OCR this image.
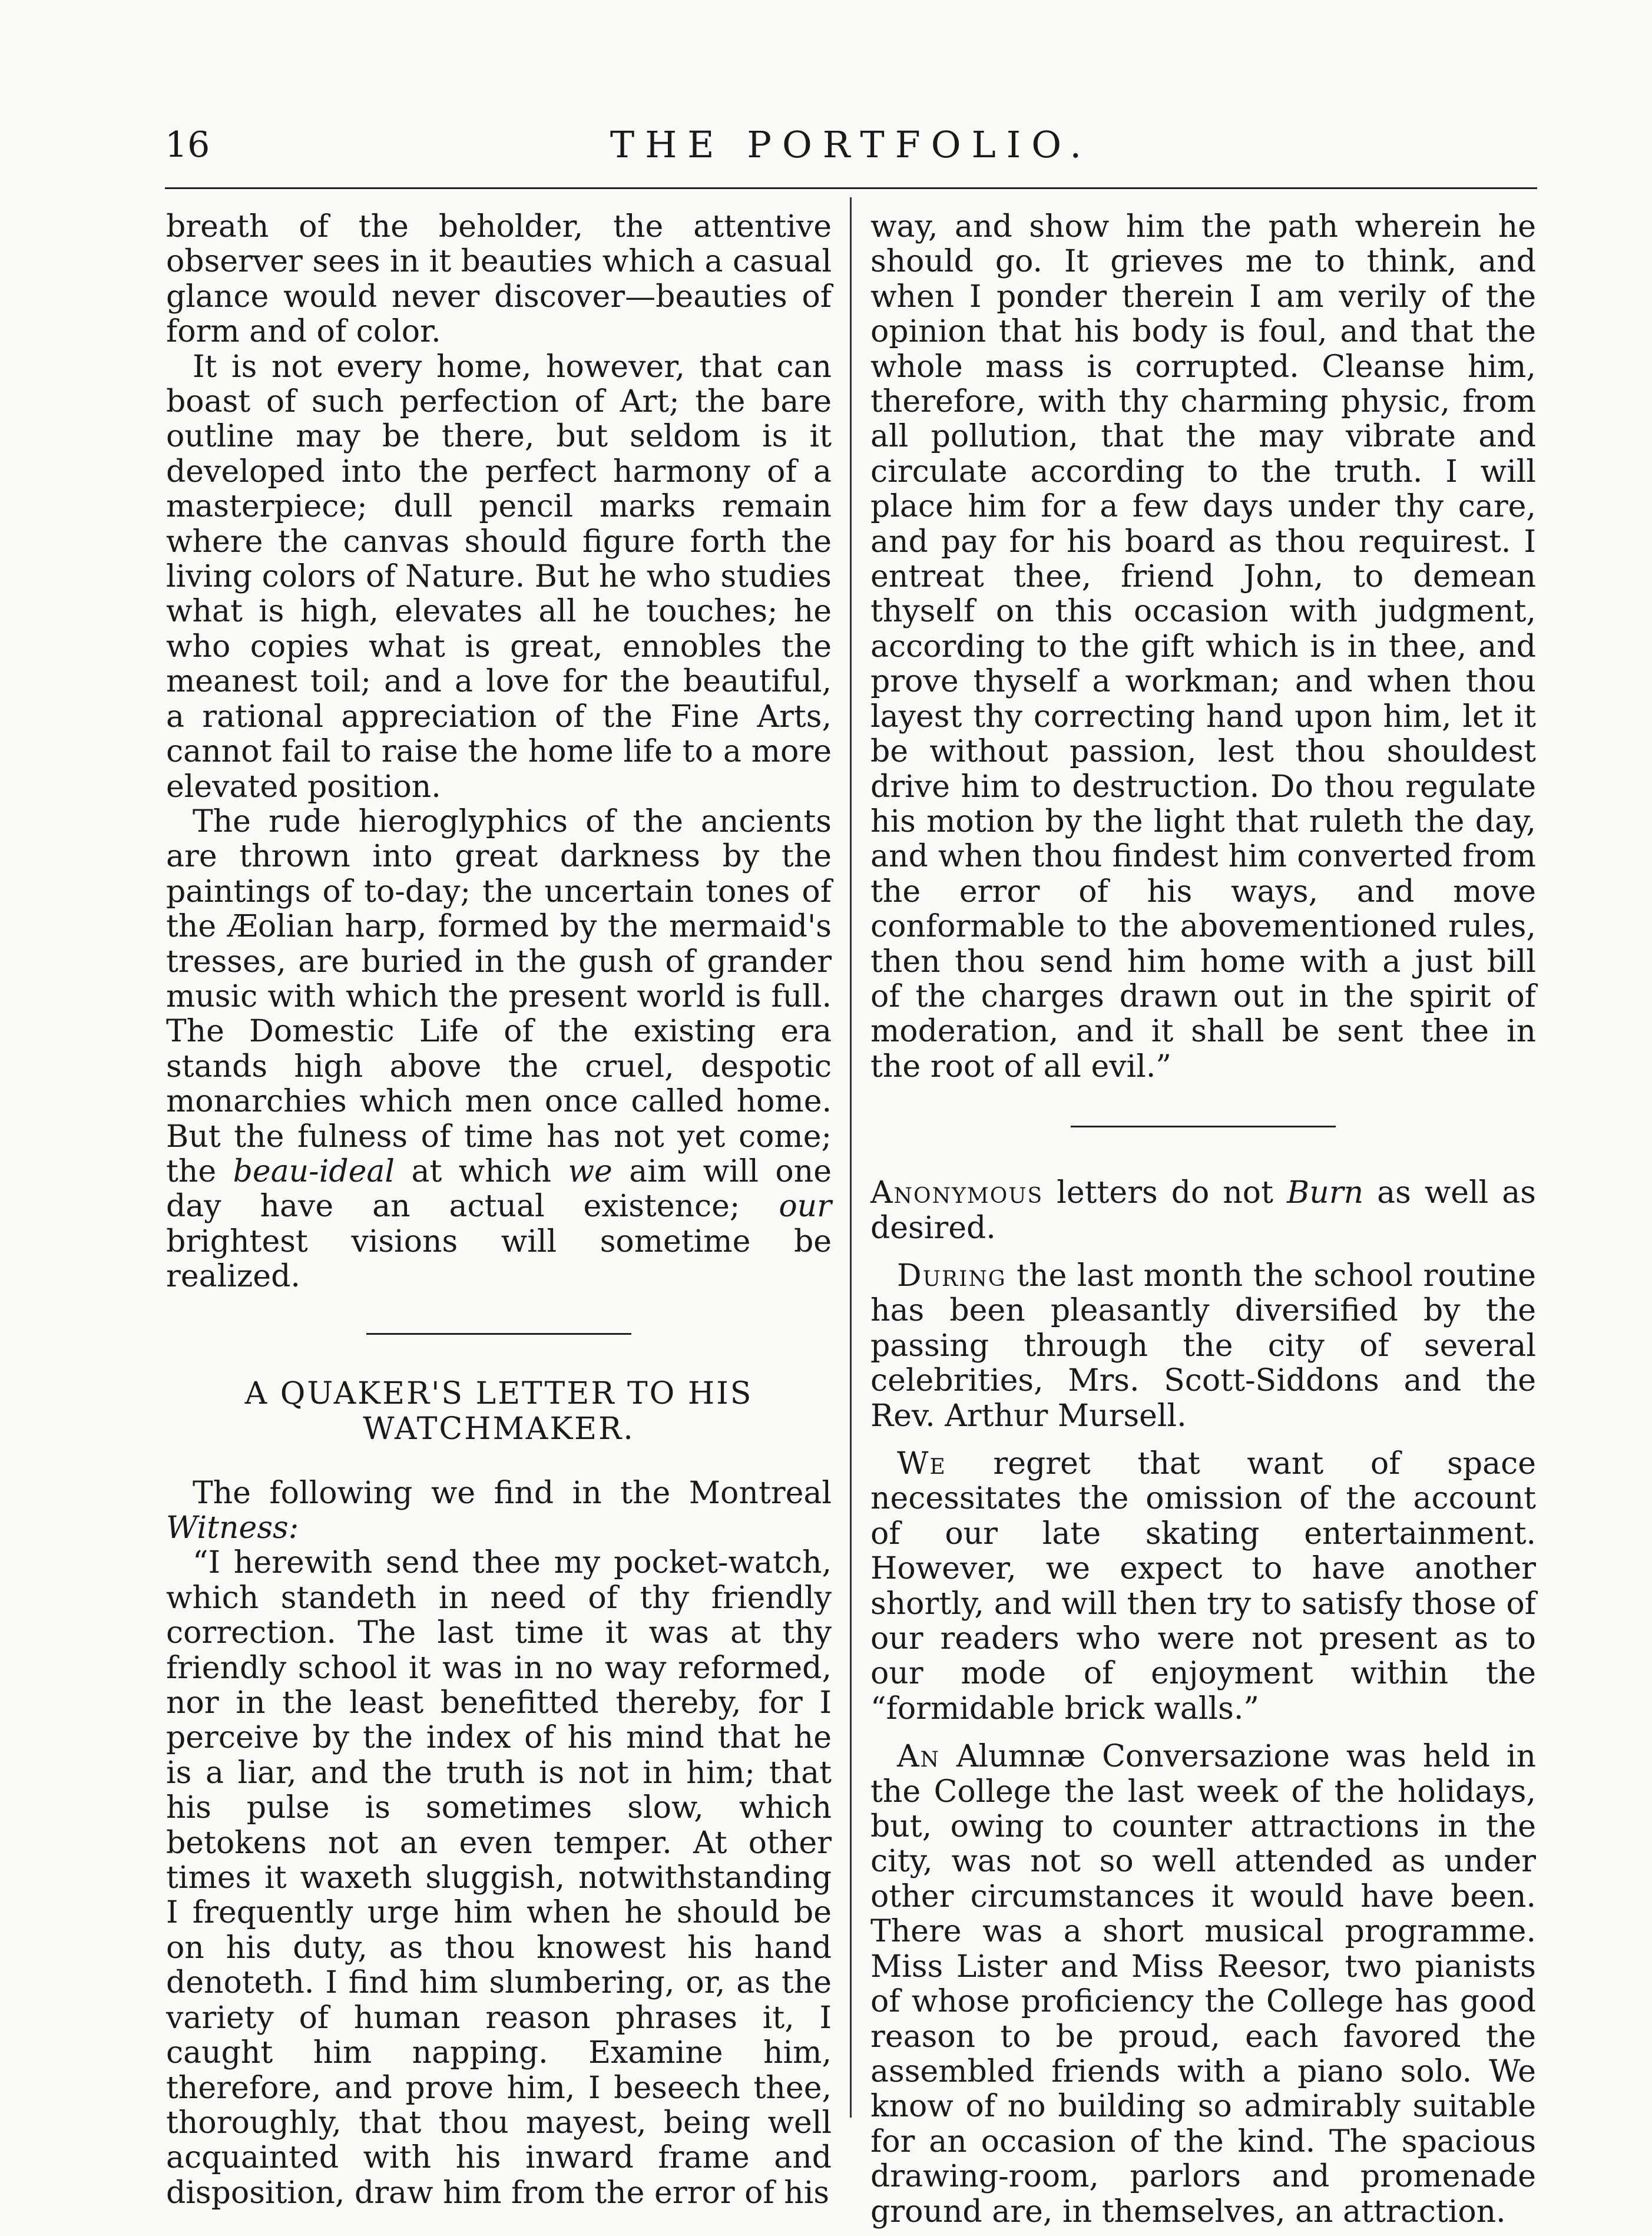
16	THE PORTFOLIO.

breath of the beholder, the attentive observer sees in it beauties which a casual glance would never discover—beauties of form and of color.

It is not every home, however, that can boast of such perfection of Art; the bare outline may be there, but seldom is it developed into the perfect harmony of a masterpiece; dull pencil marks remain where the canvas should figure forth the living colors of Nature. But he who studies what is high, elevates all he touches; he who copies what is great, ennobles the meanest toil; and a love for the beautiful, a rational appreciation of the Fine Arts, cannot fail to raise the home life to a more elevated position.

The rude hieroglyphics of the ancients are thrown into great darkness by the paintings of to-day; the uncertain tones of the Æolian harp, formed by the mermaid's tresses, are buried in the gush of grander music with which the present world is full. The Domestic Life of the existing era stands high above the cruel, despotic monarchies which men once called home. But the fulness of time has not yet come; the beau-ideal at which we aim will one day have an actual existence; our brightest visions will sometime be realized.

A QUAKER'S LETTER TO HIS WATCHMAKER.

The following we find in the Montreal Witness:

“I herewith send thee my pocket-watch, which standeth in need of thy friendly correction. The last time it was at thy friendly school it was in no way reformed, nor in the least benefitted thereby, for I perceive by the index of his mind that he is a liar, and the truth is not in him; that his pulse is sometimes slow, which betokens not an even temper. At other times it waxeth sluggish, notwithstanding I frequently urge him when he should be on his duty, as thou knowest his hand denoteth. I find him slumbering, or, as the variety of human reason phrases it, I caught him napping. Examine him, therefore, and prove him, I beseech thee, thoroughly, that thou mayest, being well acquainted with his inward frame and disposition, draw him from the error of his

way, and show him the path wherein he should go. It grieves me to think, and when I ponder therein I am verily of the opinion that his body is foul, and that the whole mass is corrupted. Cleanse him, therefore, with thy charming physic, from all pollution, that the may vibrate and circulate according to the truth. I will place him for a few days under thy care, and pay for his board as thou requirest. I entreat thee, friend John, to demean thyself on this occasion with judgment, according to the gift which is in thee, and prove thyself a workman; and when thou layest thy correcting hand upon him, let it be without passion, lest thou shouldest drive him to destruction. Do thou regulate his motion by the light that ruleth the day, and when thou findest him converted from the error of his ways, and move conformable to the abovementioned rules, then thou send him home with a just bill of the charges drawn out in the spirit of moderation, and it shall be sent thee in the root of all evil.”

Anonymous letters do not Burn as well as desired.

During the last month the school routine has been pleasantly diversified by the passing through the city of several celebrities, Mrs. Scott-Siddons and the Rev. Arthur Mursell.

We regret that want of space necessitates the omission of the account of our late skating entertainment. However, we expect to have another shortly, and will then try to satisfy those of our readers who were not present as to our mode of enjoyment within the “formidable brick walls.”

An Alumnæ Conversazione was held in the College the last week of the holidays, but, owing to counter attractions in the city, was not so well attended as under other circumstances it would have been. There was a short musical programme. Miss Lister and Miss Reesor, two pianists of whose proficiency the College has good reason to be proud, each favored the assembled friends with a piano solo. We know of no building so admirably suitable for an occasion of the kind. The spacious drawing-room, parlors and promenade ground are, in themselves, an attraction.
